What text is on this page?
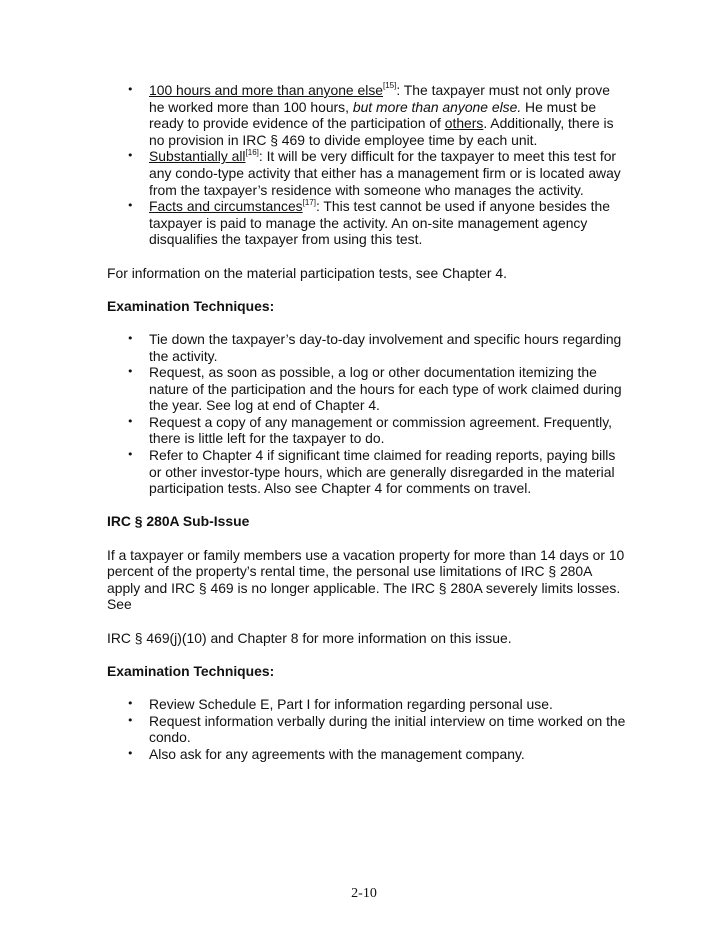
• 100 hours and more than anyone else[15]: The taxpayer must not only prove he worked more than 100 hours, but more than anyone else. He must be ready to provide evidence of the participation of others. Additionally, there is no provision in IRC § 469 to divide employee time by each unit.
• Substantially all[16]: It will be very difficult for the taxpayer to meet this test for any condo-type activity that either has a management firm or is located away from the taxpayer’s residence with someone who manages the activity.
• Facts and circumstances[17]: This test cannot be used if anyone besides the taxpayer is paid to manage the activity. An on-site management agency disqualifies the taxpayer from using this test.

For information on the material participation tests, see Chapter 4.

Examination Techniques:
• Tie down the taxpayer’s day-to-day involvement and specific hours regarding the activity.
• Request, as soon as possible, a log or other documentation itemizing the nature of the participation and the hours for each type of work claimed during the year. See log at end of Chapter 4.
• Request a copy of any management or commission agreement. Frequently, there is little left for the taxpayer to do.
• Refer to Chapter 4 if significant time claimed for reading reports, paying bills or other investor-type hours, which are generally disregarded in the material participation tests. Also see Chapter 4 for comments on travel.
IRC § 280A Sub-Issue

If a taxpayer or family members use a vacation property for more than 14 days or 10 percent of the property’s rental time, the personal use limitations of IRC § 280A apply and IRC § 469 is no longer applicable. The IRC § 280A severely limits losses. See

IRC § 469(j)(10) and Chapter 8 for more information on this issue.

Examination Techniques:
• Review Schedule E, Part I for information regarding personal use.
• Request information verbally during the initial interview on time worked on the condo.
• Also ask for any agreements with the management company.
2-10
